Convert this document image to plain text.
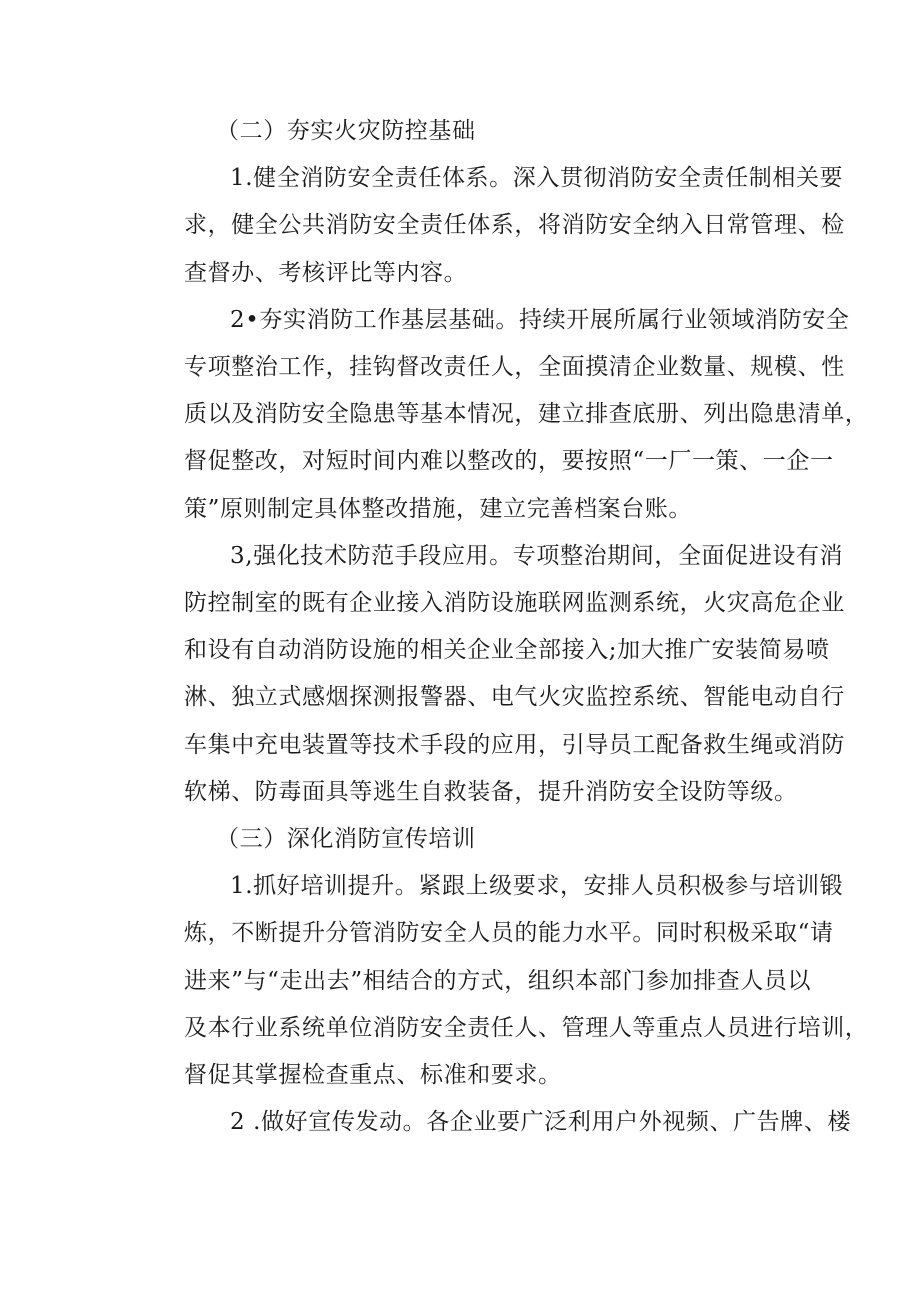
（二）夯实火灾防控基础

1.健全消防安全责任体系。深入贯彻消防安全责任制相关要
求，健全公共消防安全责任体系，将消防安全纳入日常管理、检
查督办、考核评比等内容。

2•夯实消防工作基层基础。持续开展所属行业领域消防安全
专项整治工作，挂钩督改责任人，全面摸清企业数量、规模、性
质以及消防安全隐患等基本情况，建立排查底册、列出隐患清单，
督促整改，对短时间内难以整改的，要按照“一厂一策、一企一
策”原则制定具体整改措施，建立完善档案台账。

3,强化技术防范手段应用。专项整治期间，全面促进设有消
防控制室的既有企业接入消防设施联网监测系统，火灾高危企业
和设有自动消防设施的相关企业全部接入;加大推广安装简易喷
淋、独立式感烟探测报警器、电气火灾监控系统、智能电动自行
车集中充电装置等技术手段的应用，引导员工配备救生绳或消防
软梯、防毒面具等逃生自救装备，提升消防安全设防等级。

（三）深化消防宣传培训

1.抓好培训提升。紧跟上级要求，安排人员积极参与培训锻
炼，不断提升分管消防安全人员的能力水平。同时积极采取“请
进来”与“走出去”相结合的方式，组织本部门参加排查人员以
及本行业系统单位消防安全责任人、管理人等重点人员进行培训，
督促其掌握检查重点、标准和要求。

2 .做好宣传发动。各企业要广泛利用户外视频、广告牌、楼
